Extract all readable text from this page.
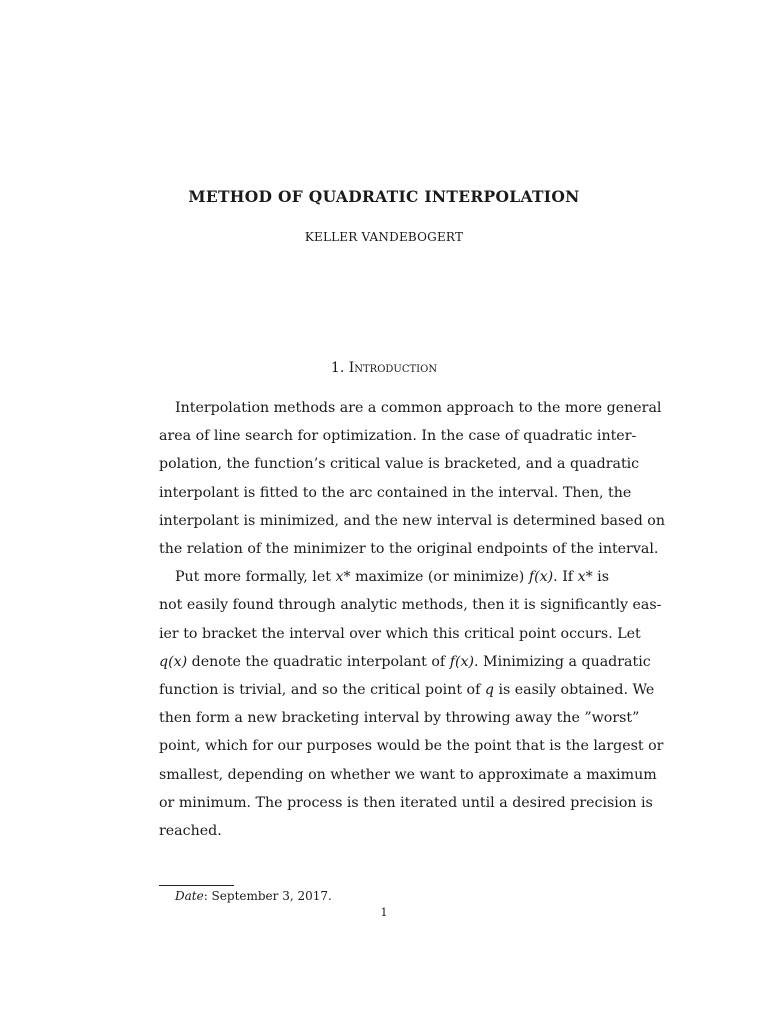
METHOD OF QUADRATIC INTERPOLATION
KELLER VANDEBOGERT
1. Introduction
Interpolation methods are a common approach to the more general
area of line search for optimization. In the case of quadratic inter-
polation, the function’s critical value is bracketed, and a quadratic
interpolant is fitted to the arc contained in the interval. Then, the
interpolant is minimized, and the new interval is determined based on
the relation of the minimizer to the original endpoints of the interval.
Put more formally, let x* maximize (or minimize) f(x). If x* is
not easily found through analytic methods, then it is significantly eas-
ier to bracket the interval over which this critical point occurs. Let
q(x) denote the quadratic interpolant of f(x). Minimizing a quadratic
function is trivial, and so the critical point of q is easily obtained. We
then form a new bracketing interval by throwing away the ”worst”
point, which for our purposes would be the point that is the largest or
smallest, depending on whether we want to approximate a maximum
or minimum. The process is then iterated until a desired precision is
reached.
Date: September 3, 2017.
1
